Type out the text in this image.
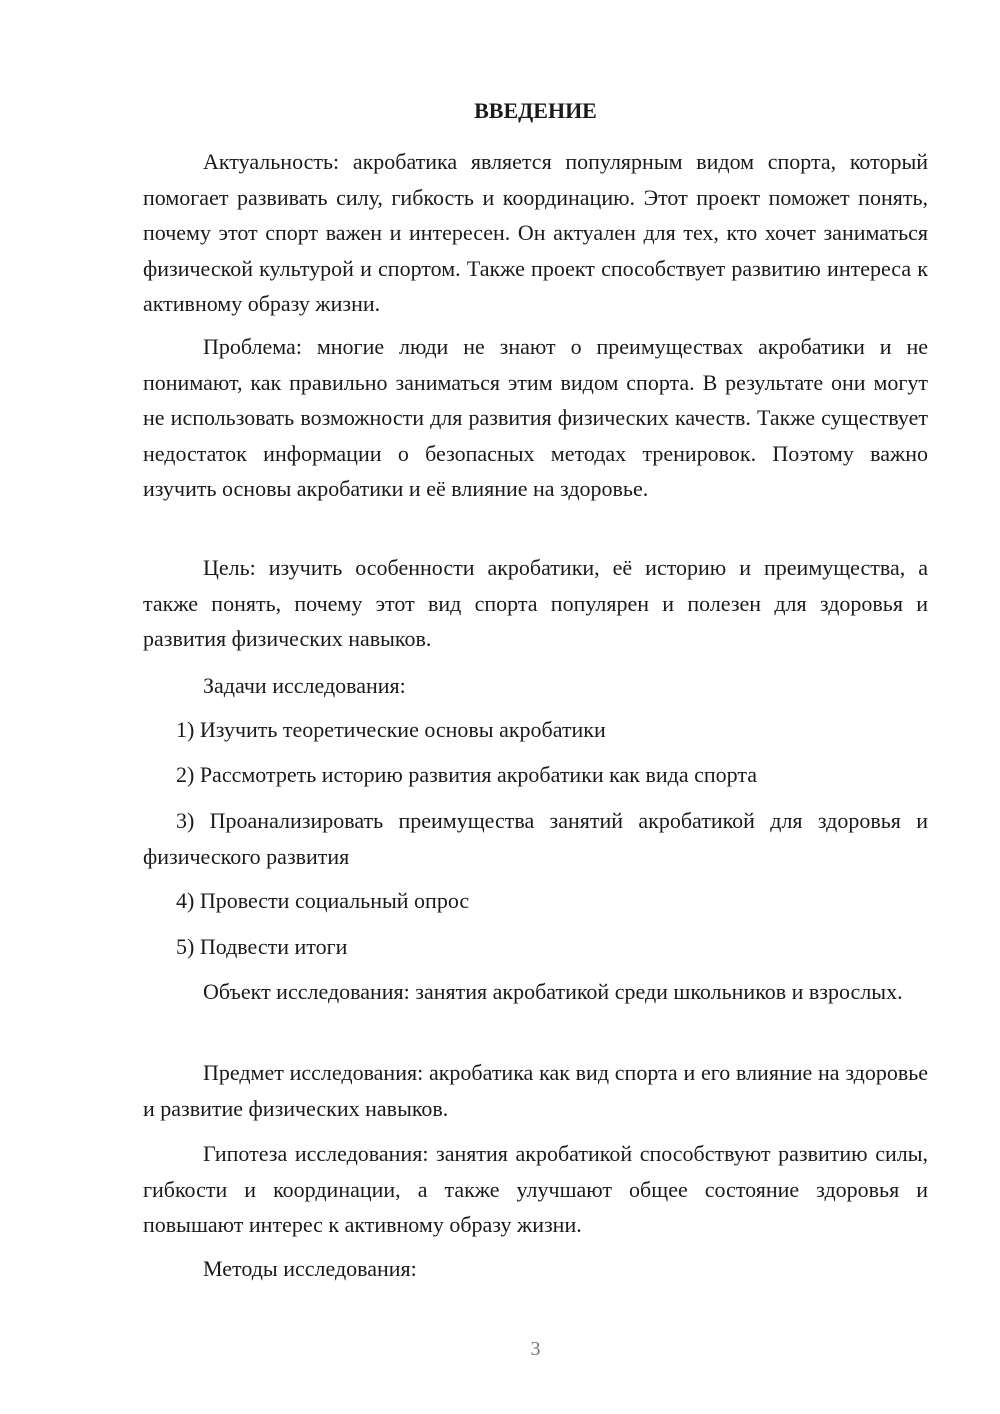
ВВЕДЕНИЕ

Актуальность: акробатика является популярным видом спорта, который помогает развивать силу, гибкость и координацию. Этот проект поможет понять, почему этот спорт важен и интересен. Он актуален для тех, кто хочет заниматься физической культурой и спортом. Также проект способствует развитию интереса к активному образу жизни.

Проблема: многие люди не знают о преимуществах акробатики и не понимают, как правильно заниматься этим видом спорта. В результате они могут не использовать возможности для развития физических качеств. Также существует недостаток информации о безопасных методах тренировок. Поэтому важно изучить основы акробатики и её влияние на здоровье.

Цель: изучить особенности акробатики, её историю и преимущества, а также понять, почему этот вид спорта популярен и полезен для здоровья и развития физических навыков.

Задачи исследования:

1) Изучить теоретические основы акробатики

2) Рассмотреть историю развития акробатики как вида спорта

3) Проанализировать преимущества занятий акробатикой для здоровья и физического развития

4) Провести социальный опрос

5) Подвести итоги

Объект исследования: занятия акробатикой среди школьников и взрослых.

Предмет исследования: акробатика как вид спорта и его влияние на здоровье и развитие физических навыков.

Гипотеза исследования: занятия акробатикой способствуют развитию силы, гибкости и координации, а также улучшают общее состояние здоровья и повышают интерес к активному образу жизни.

Методы исследования:

3
